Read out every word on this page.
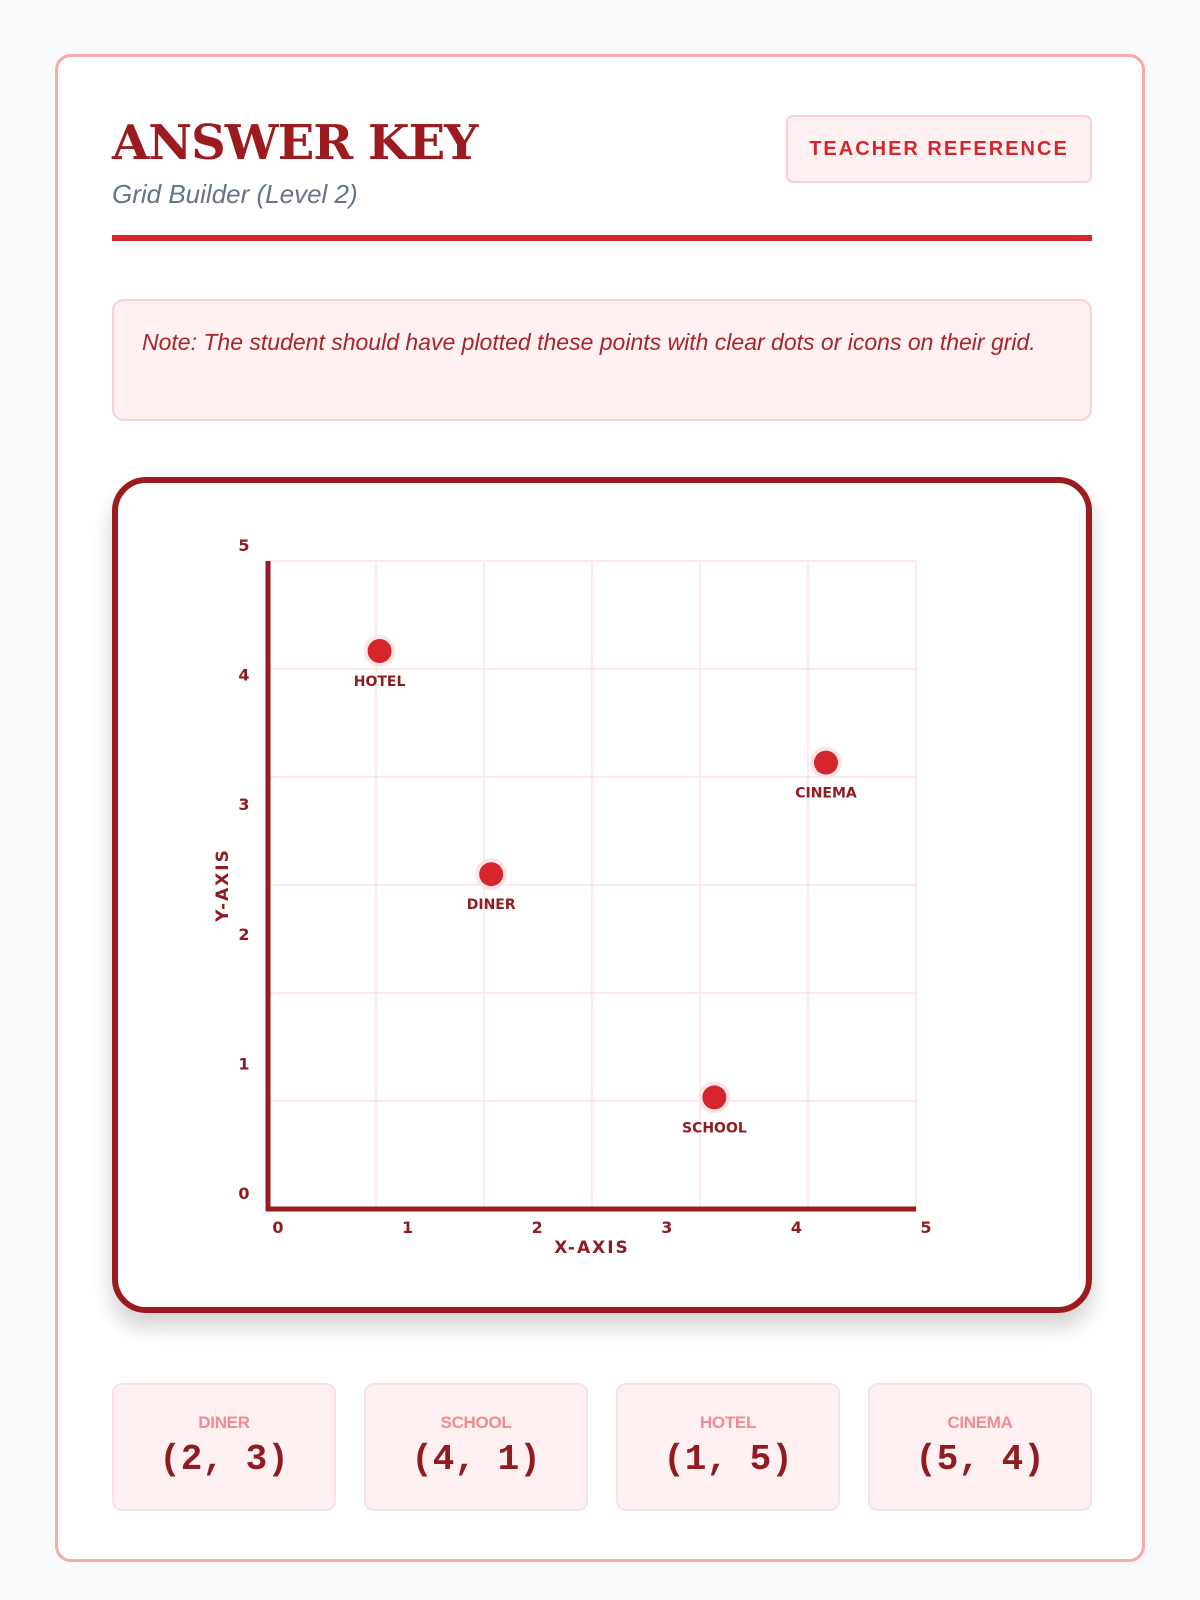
ANSWER KEY
Grid Builder (Level 2)
TEACHER REFERENCE
Note: The student should have plotted these points with clear dots or icons on their grid.
0	1	2	3	4	5
0
1
2
3
4
5
HOTEL
CINEMA
DINER
SCHOOL
X-AXIS
Y-AXIS
DINER
(2, 3)
SCHOOL
(4, 1)
HOTEL
(1, 5)
CINEMA
(5, 4)
